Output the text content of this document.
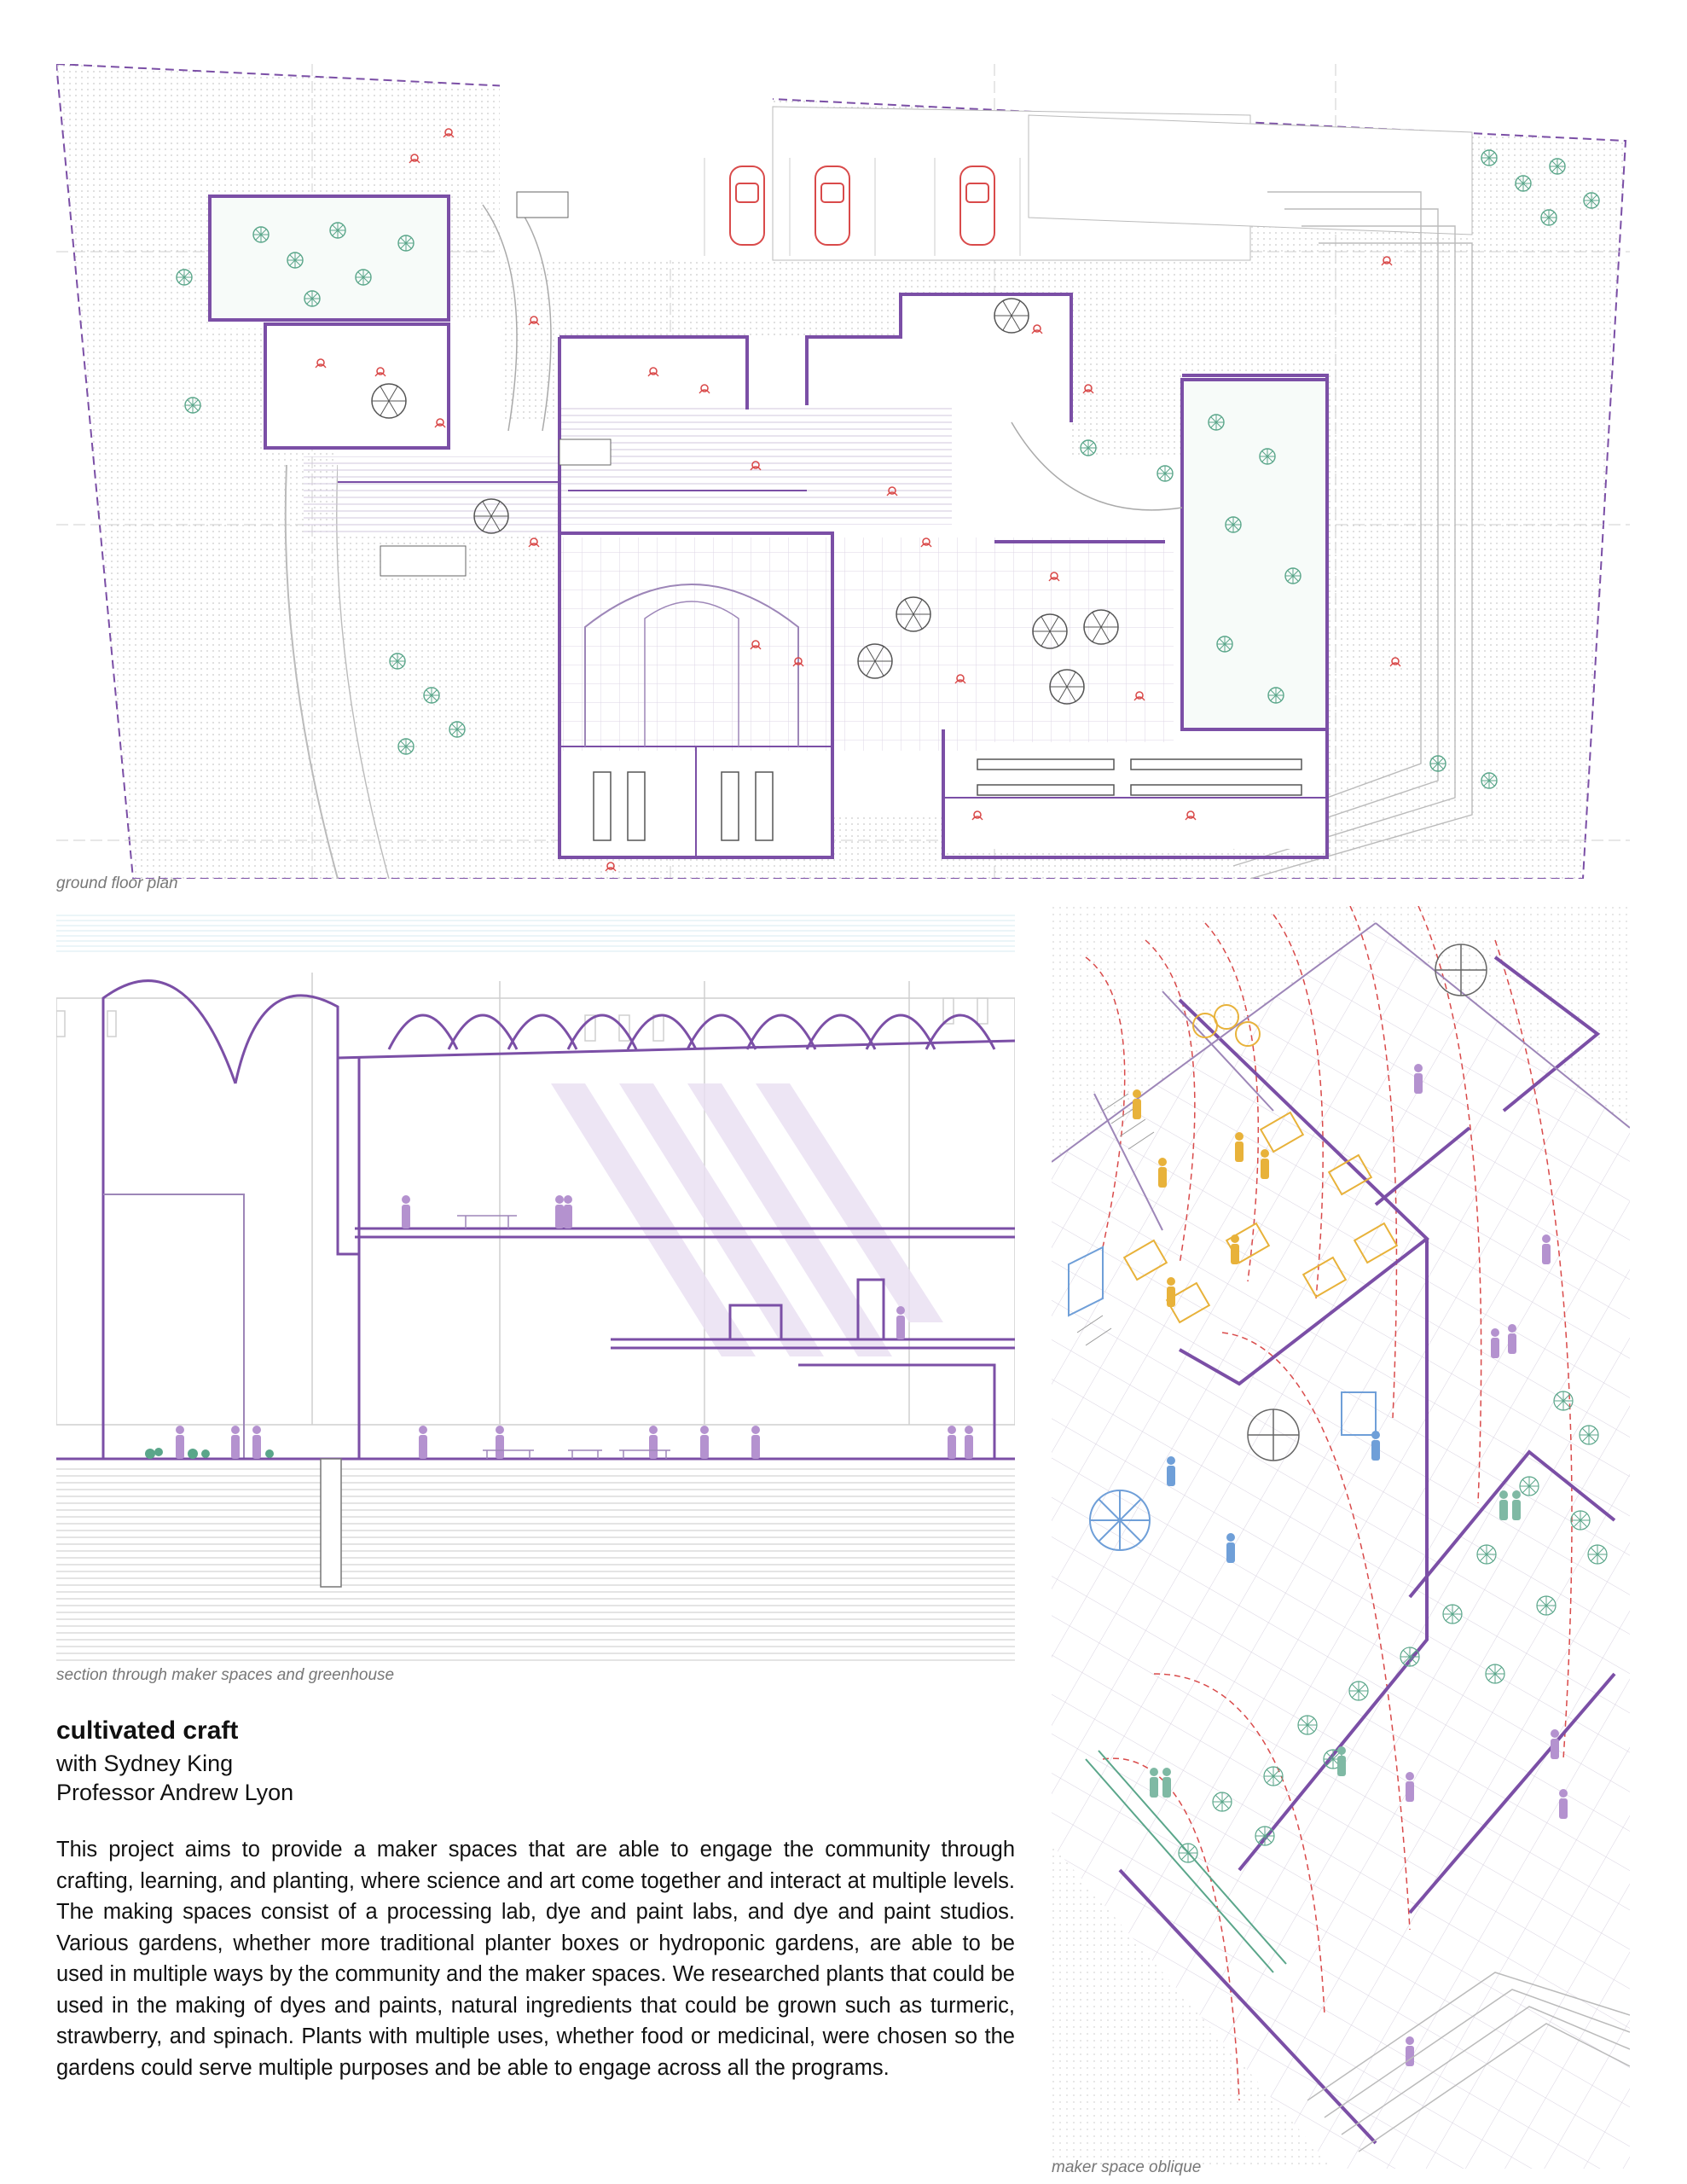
ground floor plan
section through maker spaces and greenhouse
maker space oblique
cultivated craft
with Sydney King
Professor Andrew Lyon

This project aims to provide a maker spaces that are able to engage the community through crafting, learning, and planting, where science and art come together and interact at multiple levels. The making spaces consist of a processing lab, dye and paint labs, and dye and paint studios. Various gardens, whether more traditional planter boxes or hydroponic gardens, are able to be used in multiple ways by the community and the maker spaces. We researched plants that could be used in the making of dyes and paints, natural ingredients that could be grown such as turmeric, strawberry, and spinach. Plants with multiple uses, whether food or medicinal, were chosen so the gardens could serve multiple purposes and be able to engage across all the programs.
